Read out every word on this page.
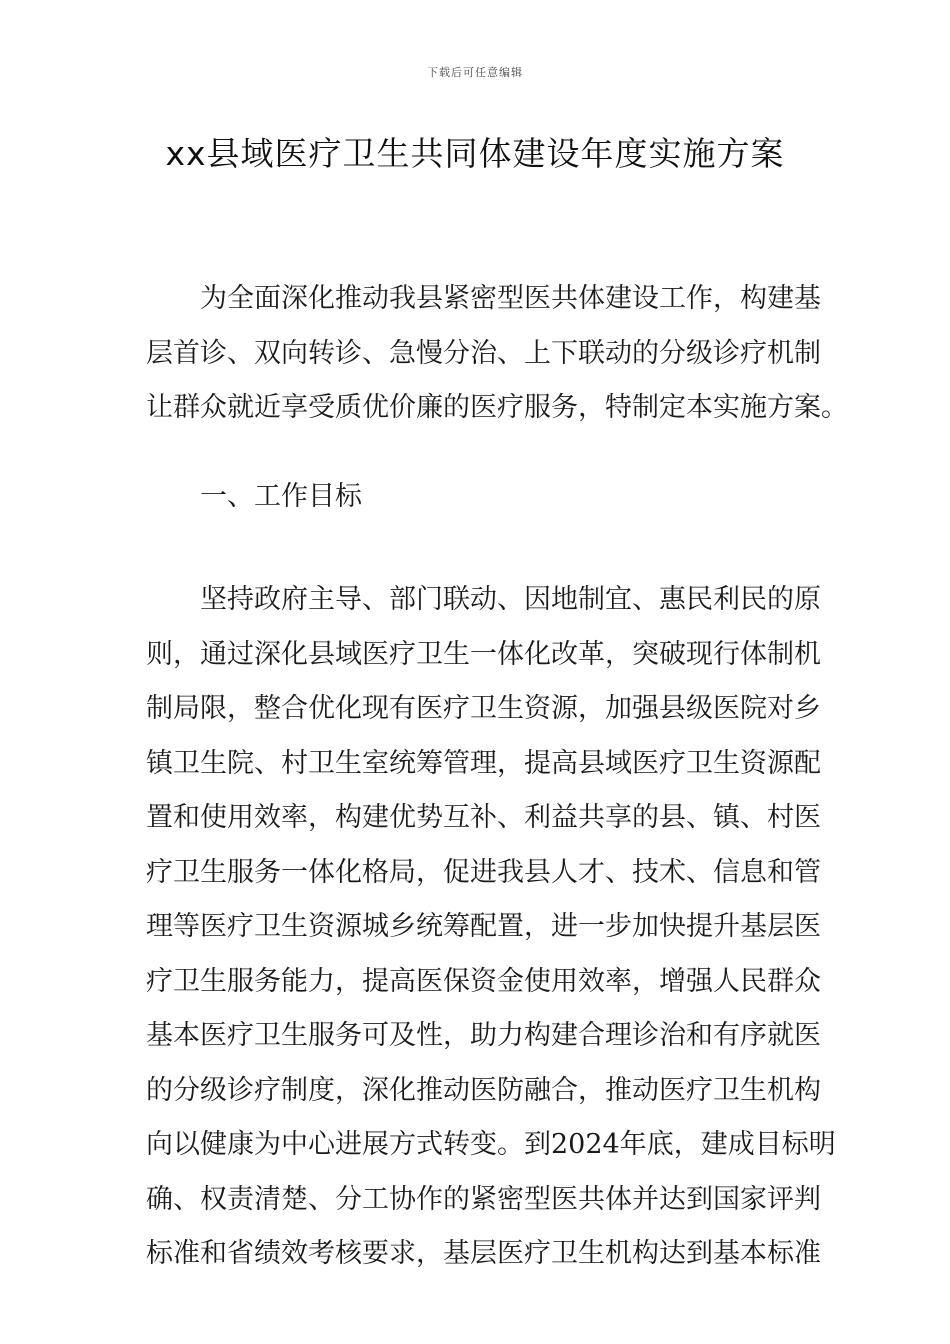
下载后可任意编辑
xx县域医疗卫生共同体建设年度实施方案
为全面深化推动我县紧密型医共体建设工作，构建基
层首诊、双向转诊、急慢分治、上下联动的分级诊疗机制
让群众就近享受质优价廉的医疗服务，特制定本实施方案。
一、工作目标
坚持政府主导、部门联动、因地制宜、惠民利民的原
则，通过深化县域医疗卫生一体化改革，突破现行体制机
制局限，整合优化现有医疗卫生资源，加强县级医院对乡
镇卫生院、村卫生室统筹管理，提高县域医疗卫生资源配
置和使用效率，构建优势互补、利益共享的县、镇、村医
疗卫生服务一体化格局，促进我县人才、技术、信息和管
理等医疗卫生资源城乡统筹配置，进一步加快提升基层医
疗卫生服务能力，提高医保资金使用效率，增强人民群众
基本医疗卫生服务可及性，助力构建合理诊治和有序就医
的分级诊疗制度，深化推动医防融合，推动医疗卫生机构
向以健康为中心进展方式转变。到2024年底，建成目标明
确、权责清楚、分工协作的紧密型医共体并达到国家评判
标准和省绩效考核要求，基层医疗卫生机构达到基本标准
